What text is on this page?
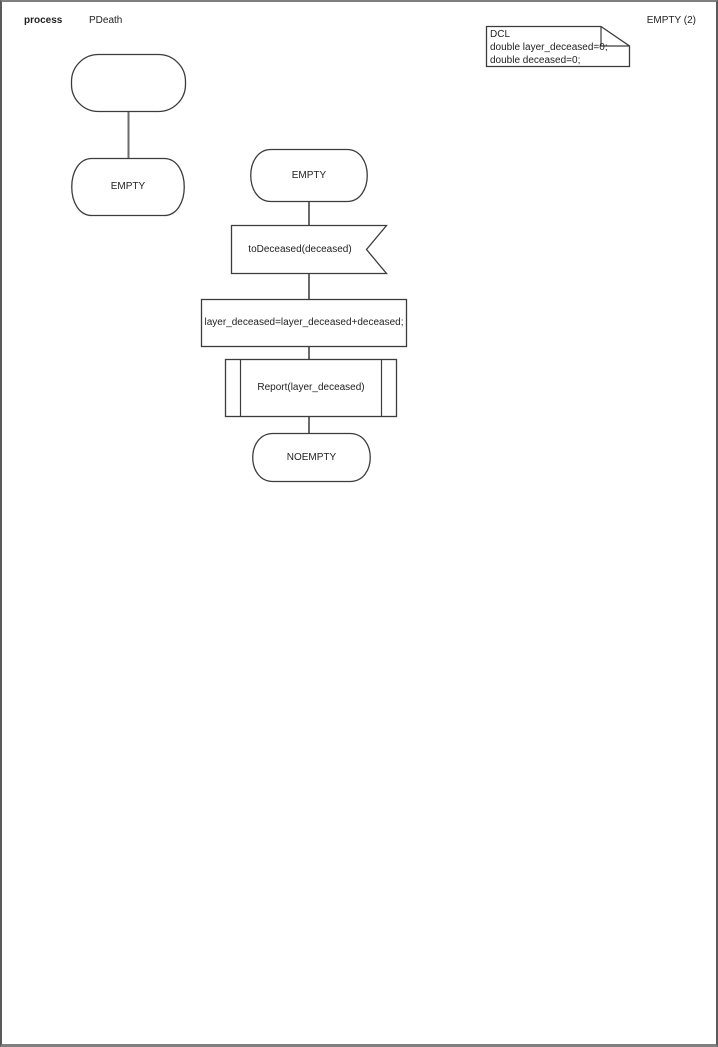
process	PDeath	EMPTY (2)
DCL
double layer_deceased=0;
double deceased=0;
EMPTY
EMPTY
toDeceased(deceased)
layer_deceased=layer_deceased+deceased;
Report(layer_deceased)
NOEMPTY
